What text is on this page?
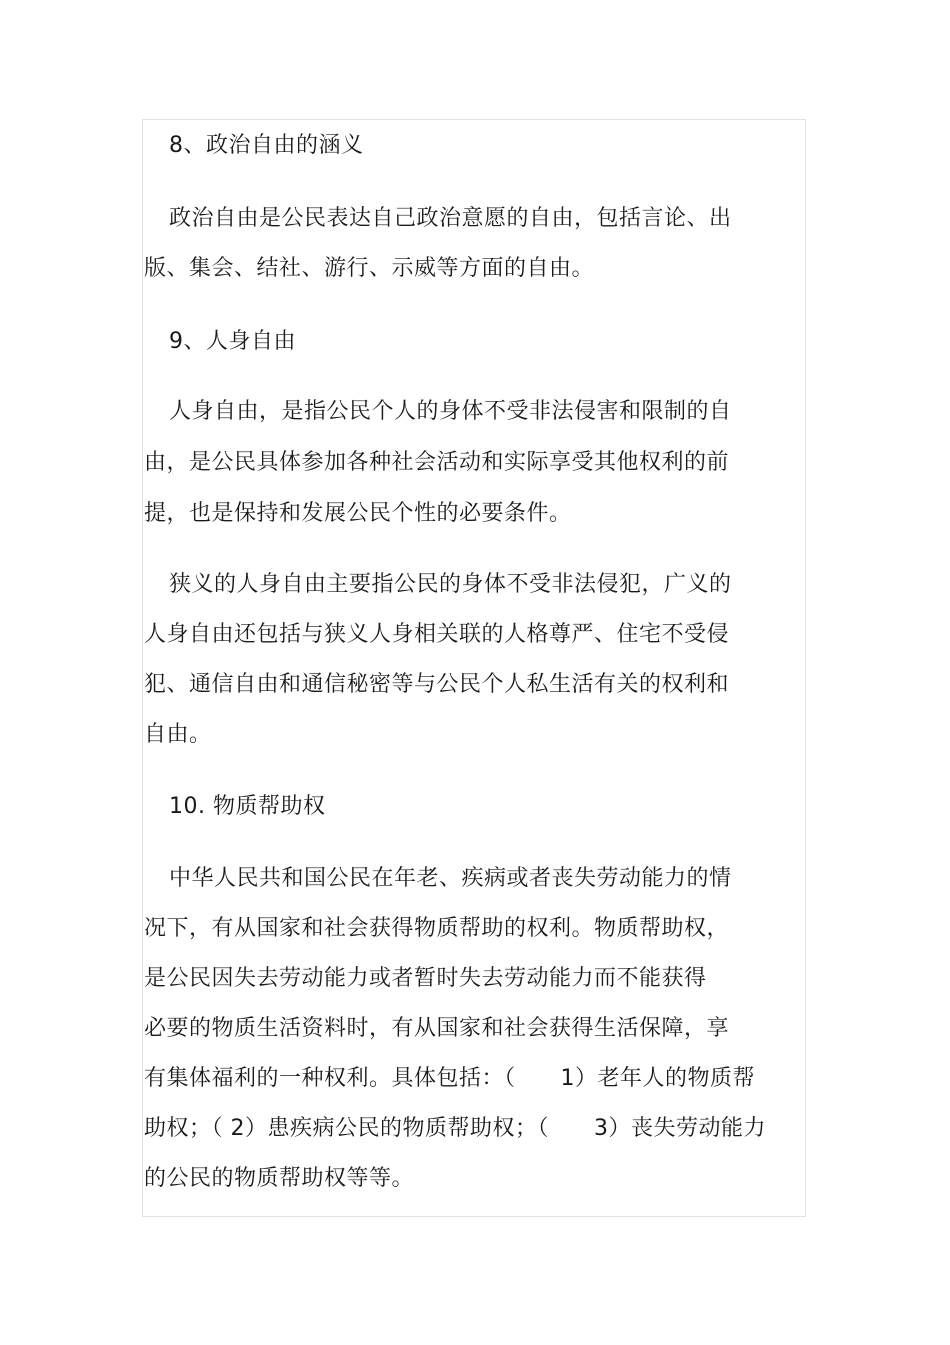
8、政治自由的涵义
政治自由是公民表达自己政治意愿的自由，包括言论、出
版、集会、结社、游行、示威等方面的自由。
9、人身自由
人身自由，是指公民个人的身体不受非法侵害和限制的自
由，是公民具体参加各种社会活动和实际享受其他权利的前
提，也是保持和发展公民个性的必要条件。
狭义的人身自由主要指公民的身体不受非法侵犯，广义的
人身自由还包括与狭义人身相关联的人格尊严、住宅不受侵
犯、通信自由和通信秘密等与公民个人私生活有关的权利和
自由。
10. 物质帮助权
中华人民共和国公民在年老、疾病或者丧失劳动能力的情
况下，有从国家和社会获得物质帮助的权利。物质帮助权，
是公民因失去劳动能力或者暂时失去劳动能力而不能获得
必要的物质生活资料时，有从国家和社会获得生活保障，享
有集体福利的一种权利。具体包括：（　　1）老年人的物质帮
助权；（ 2）患疾病公民的物质帮助权；（　　3）丧失劳动能力
的公民的物质帮助权等等。
